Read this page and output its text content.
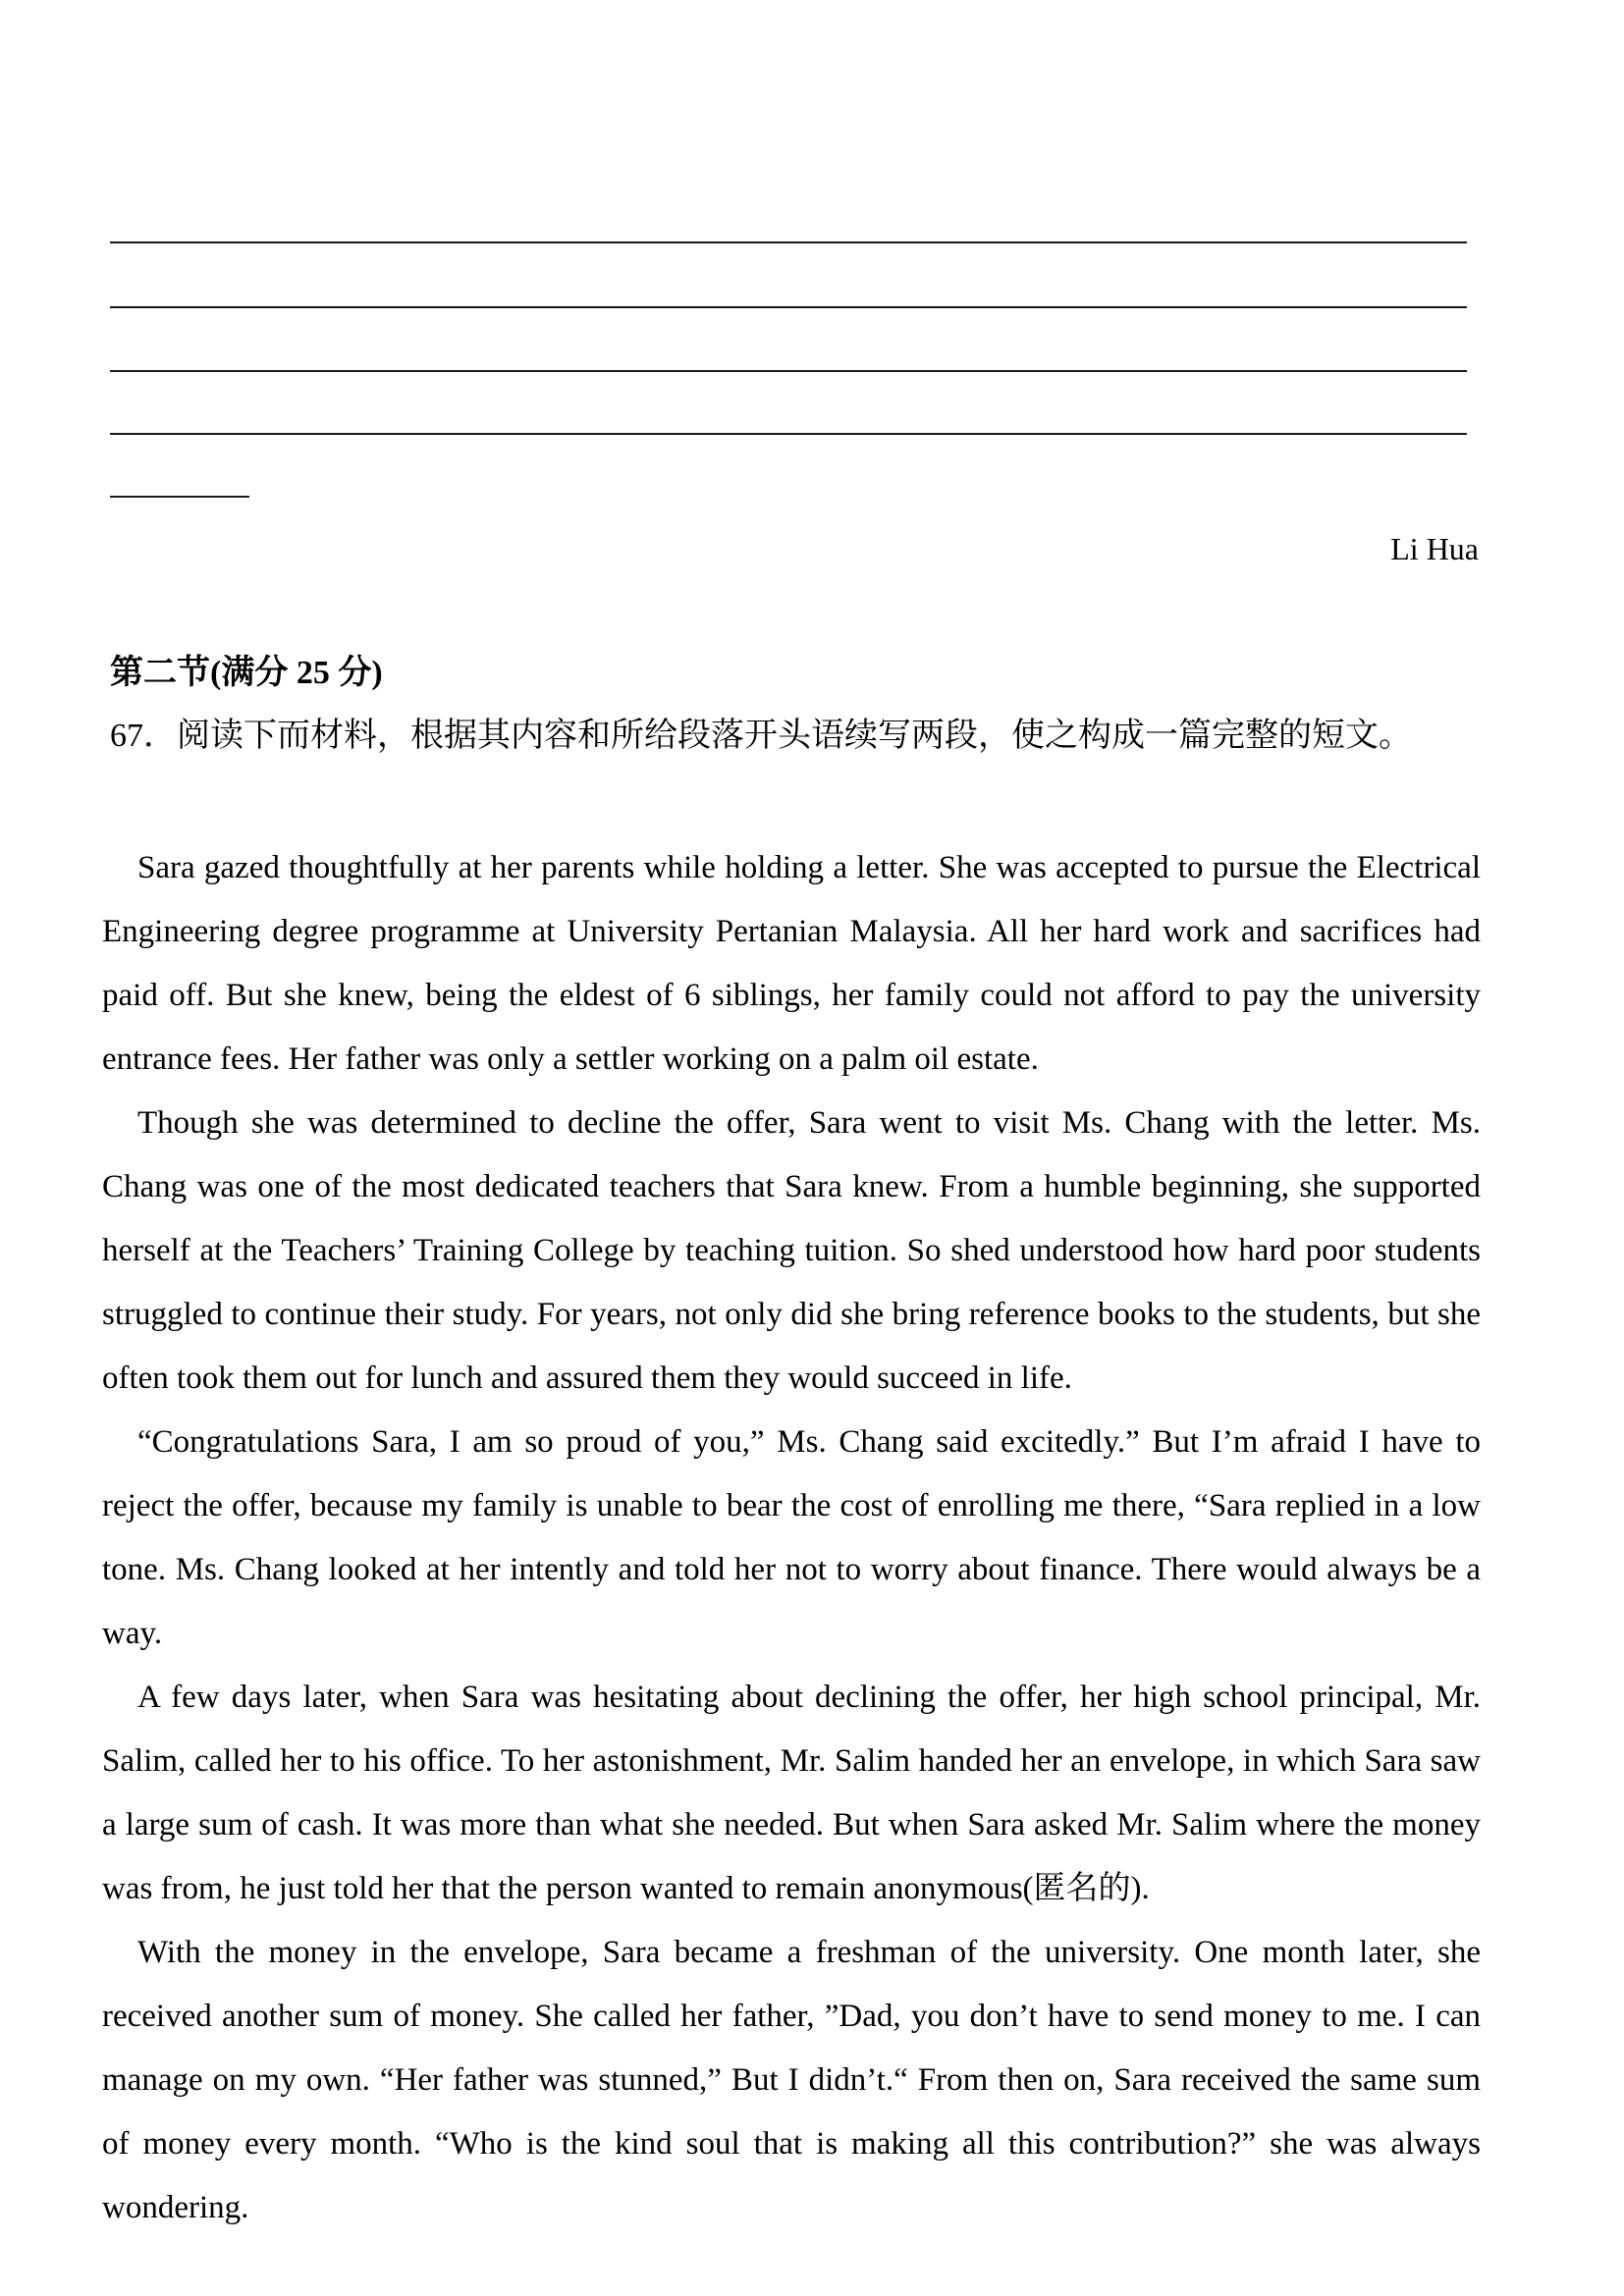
Li Hua
第二节(满分 25 分)

67．阅读下而材料，根据其内容和所给段落开头语续写两段，使之构成一篇完整的短文。

Sara gazed thoughtfully at her parents while holding a letter. She was accepted to pursue the Electrical Engineering degree programme at University Pertanian Malaysia. All her hard work and sacrifices had paid off. But she knew, being the eldest of 6 siblings, her family could not afford to pay the university entrance fees. Her father was only a settler working on a palm oil estate.

Though she was determined to decline the offer, Sara went to visit Ms. Chang with the letter. Ms. Chang was one of the most dedicated teachers that Sara knew. From a humble beginning, she supported herself at the Teachers’ Training College by teaching tuition. So shed understood how hard poor students struggled to continue their study. For years, not only did she bring reference books to the students, but she often took them out for lunch and assured them they would succeed in life.

“Congratulations Sara, I am so proud of you,” Ms. Chang said excitedly.” But I’m afraid I have to reject the offer, because my family is unable to bear the cost of enrolling me there, “Sara replied in a low tone. Ms. Chang looked at her intently and told her not to worry about finance. There would always be a way.

A few days later, when Sara was hesitating about declining the offer, her high school principal, Mr. Salim, called her to his office. To her astonishment, Mr. Salim handed her an envelope, in which Sara saw a large sum of cash. It was more than what she needed. But when Sara asked Mr. Salim where the money was from, he just told her that the person wanted to remain anonymous(匿名的).

With the money in the envelope, Sara became a freshman of the university. One month later, she received another sum of money. She called her father, ”Dad, you don’t have to send money to me. I can manage on my own. “Her father was stunned,” But I didn’t.“ From then on, Sara received the same sum of money every month. “Who is the kind soul that is making all this contribution?” she was always wondering.
